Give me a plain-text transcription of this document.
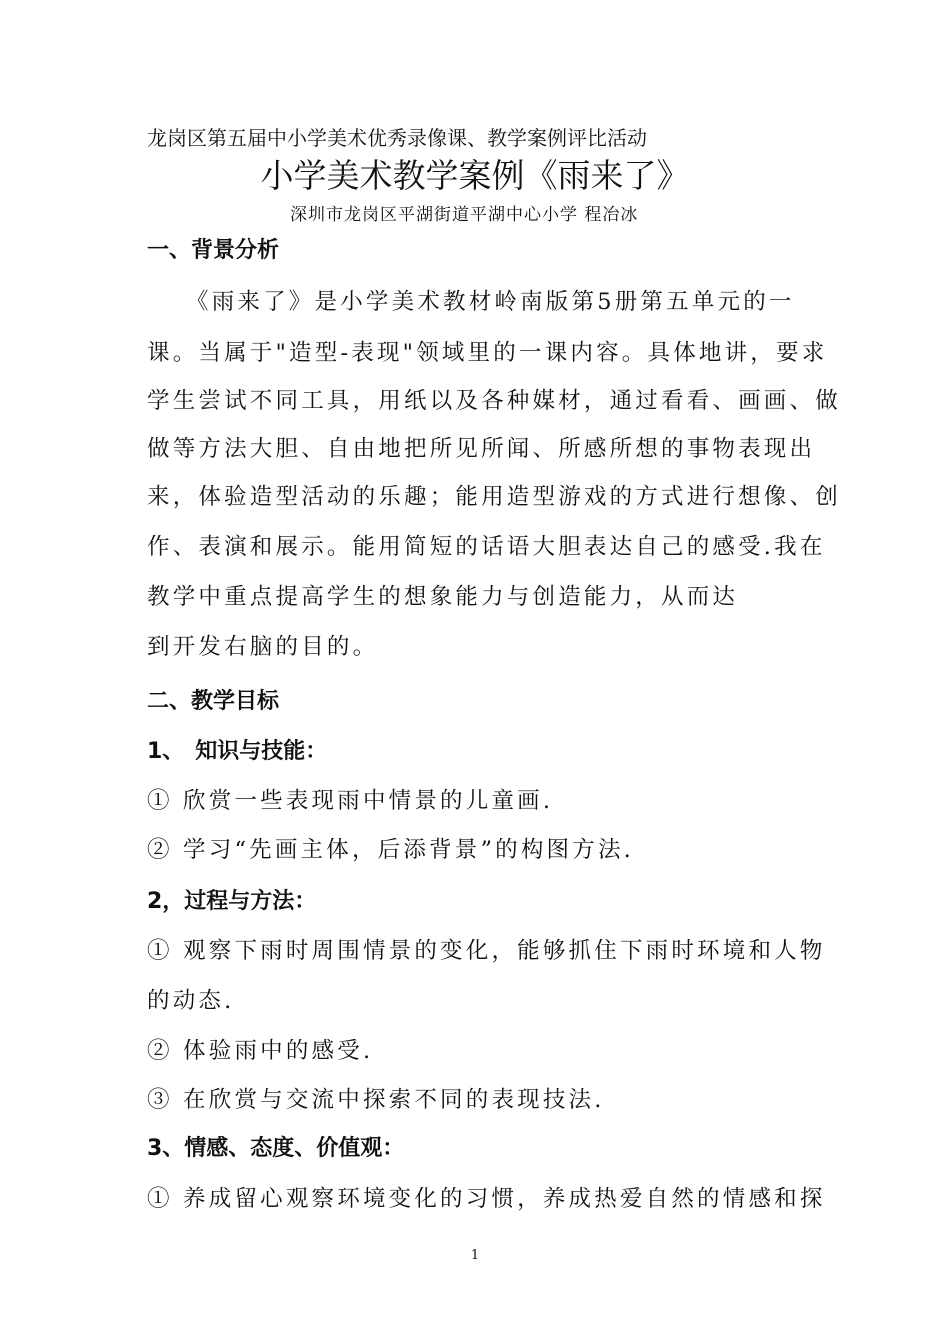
龙岗区第五届中小学美术优秀录像课、教学案例评比活动
小学美术教学案例《雨来了》
深圳市龙岗区平湖街道平湖中心小学 程冶冰
一、背景分析
《雨来了》是小学美术教材岭南版第5册第五单元的一
课。当属于"造型-表现"领域里的一课内容。具体地讲，要求
学生尝试不同工具，用纸以及各种媒材，通过看看、画画、做
做等方法大胆、自由地把所见所闻、所感所想的事物表现出
来，体验造型活动的乐趣；能用造型游戏的方式进行想像、创
作、表演和展示。能用简短的话语大胆表达自己的感受.我在
教学中重点提高学生的想象能力与创造能力，从而达
到开发右脑的目的。
二、教学目标
1、　知识与技能：
① 欣赏一些表现雨中情景的儿童画.
② 学习“先画主体，后添背景”的构图方法.
2，过程与方法：
① 观察下雨时周围情景的变化，能够抓住下雨时环境和人物
的动态.
② 体验雨中的感受.
③ 在欣赏与交流中探索不同的表现技法.
3、情感、态度、价值观：
① 养成留心观察环境变化的习惯，养成热爱自然的情感和探
1
